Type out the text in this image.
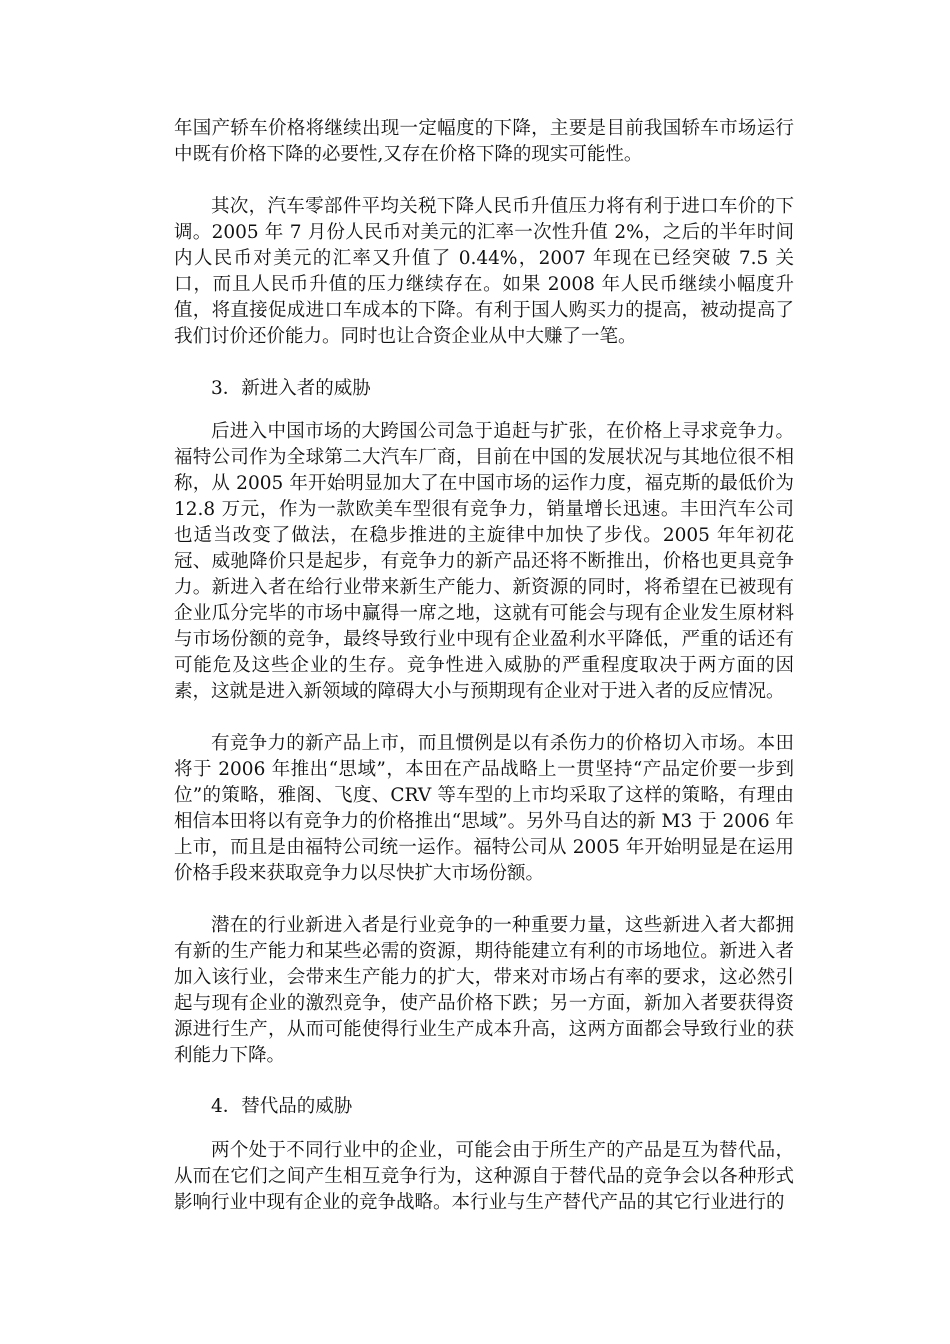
年国产轿车价格将继续出现一定幅度的下降，主要是目前我国轿车市场运行中既有价格下降的必要性,又存在价格下降的现实可能性。

其次，汽车零部件平均关税下降人民币升值压力将有利于进口车价的下调。2005 年 7 月份人民币对美元的汇率一次性升值 2%，之后的半年时间内人民币对美元的汇率又升值了 0.44%，2007 年现在已经突破 7.5 关口，而且人民币升值的压力继续存在。如果 2008 年人民币继续小幅度升值，将直接促成进口车成本的下降。有利于国人购买力的提高，被动提高了我们讨价还价能力。同时也让合资企业从中大赚了一笔。

3．新进入者的威胁

后进入中国市场的大跨国公司急于追赶与扩张，在价格上寻求竞争力。福特公司作为全球第二大汽车厂商，目前在中国的发展状况与其地位很不相称，从 2005 年开始明显加大了在中国市场的运作力度，福克斯的最低价为 12.8 万元，作为一款欧美车型很有竞争力，销量增长迅速。丰田汽车公司也适当改变了做法，在稳步推进的主旋律中加快了步伐。2005 年年初花冠、威驰降价只是起步，有竞争力的新产品还将不断推出，价格也更具竞争力。新进入者在给行业带来新生产能力、新资源的同时，将希望在已被现有企业瓜分完毕的市场中赢得一席之地，这就有可能会与现有企业发生原材料与市场份额的竞争，最终导致行业中现有企业盈利水平降低，严重的话还有可能危及这些企业的生存。竞争性进入威胁的严重程度取决于两方面的因素，这就是进入新领域的障碍大小与预期现有企业对于进入者的反应情况。

有竞争力的新产品上市，而且惯例是以有杀伤力的价格切入市场。本田将于 2006 年推出“思域”，本田在产品战略上一贯坚持“产品定价要一步到位”的策略，雅阁、飞度、CRV 等车型的上市均采取了这样的策略，有理由相信本田将以有竞争力的价格推出“思域”。另外马自达的新 M3 于 2006 年上市，而且是由福特公司统一运作。福特公司从 2005 年开始明显是在运用价格手段来获取竞争力以尽快扩大市场份额。

潜在的行业新进入者是行业竞争的一种重要力量，这些新进入者大都拥有新的生产能力和某些必需的资源，期待能建立有利的市场地位。新进入者加入该行业，会带来生产能力的扩大，带来对市场占有率的要求，这必然引起与现有企业的激烈竞争，使产品价格下跌；另一方面，新加入者要获得资源进行生产，从而可能使得行业生产成本升高，这两方面都会导致行业的获利能力下降。

4．替代品的威胁

两个处于不同行业中的企业，可能会由于所生产的产品是互为替代品，从而在它们之间产生相互竞争行为，这种源自于替代品的竞争会以各种形式影响行业中现有企业的竞争战略。本行业与生产替代产品的其它行业进行的
